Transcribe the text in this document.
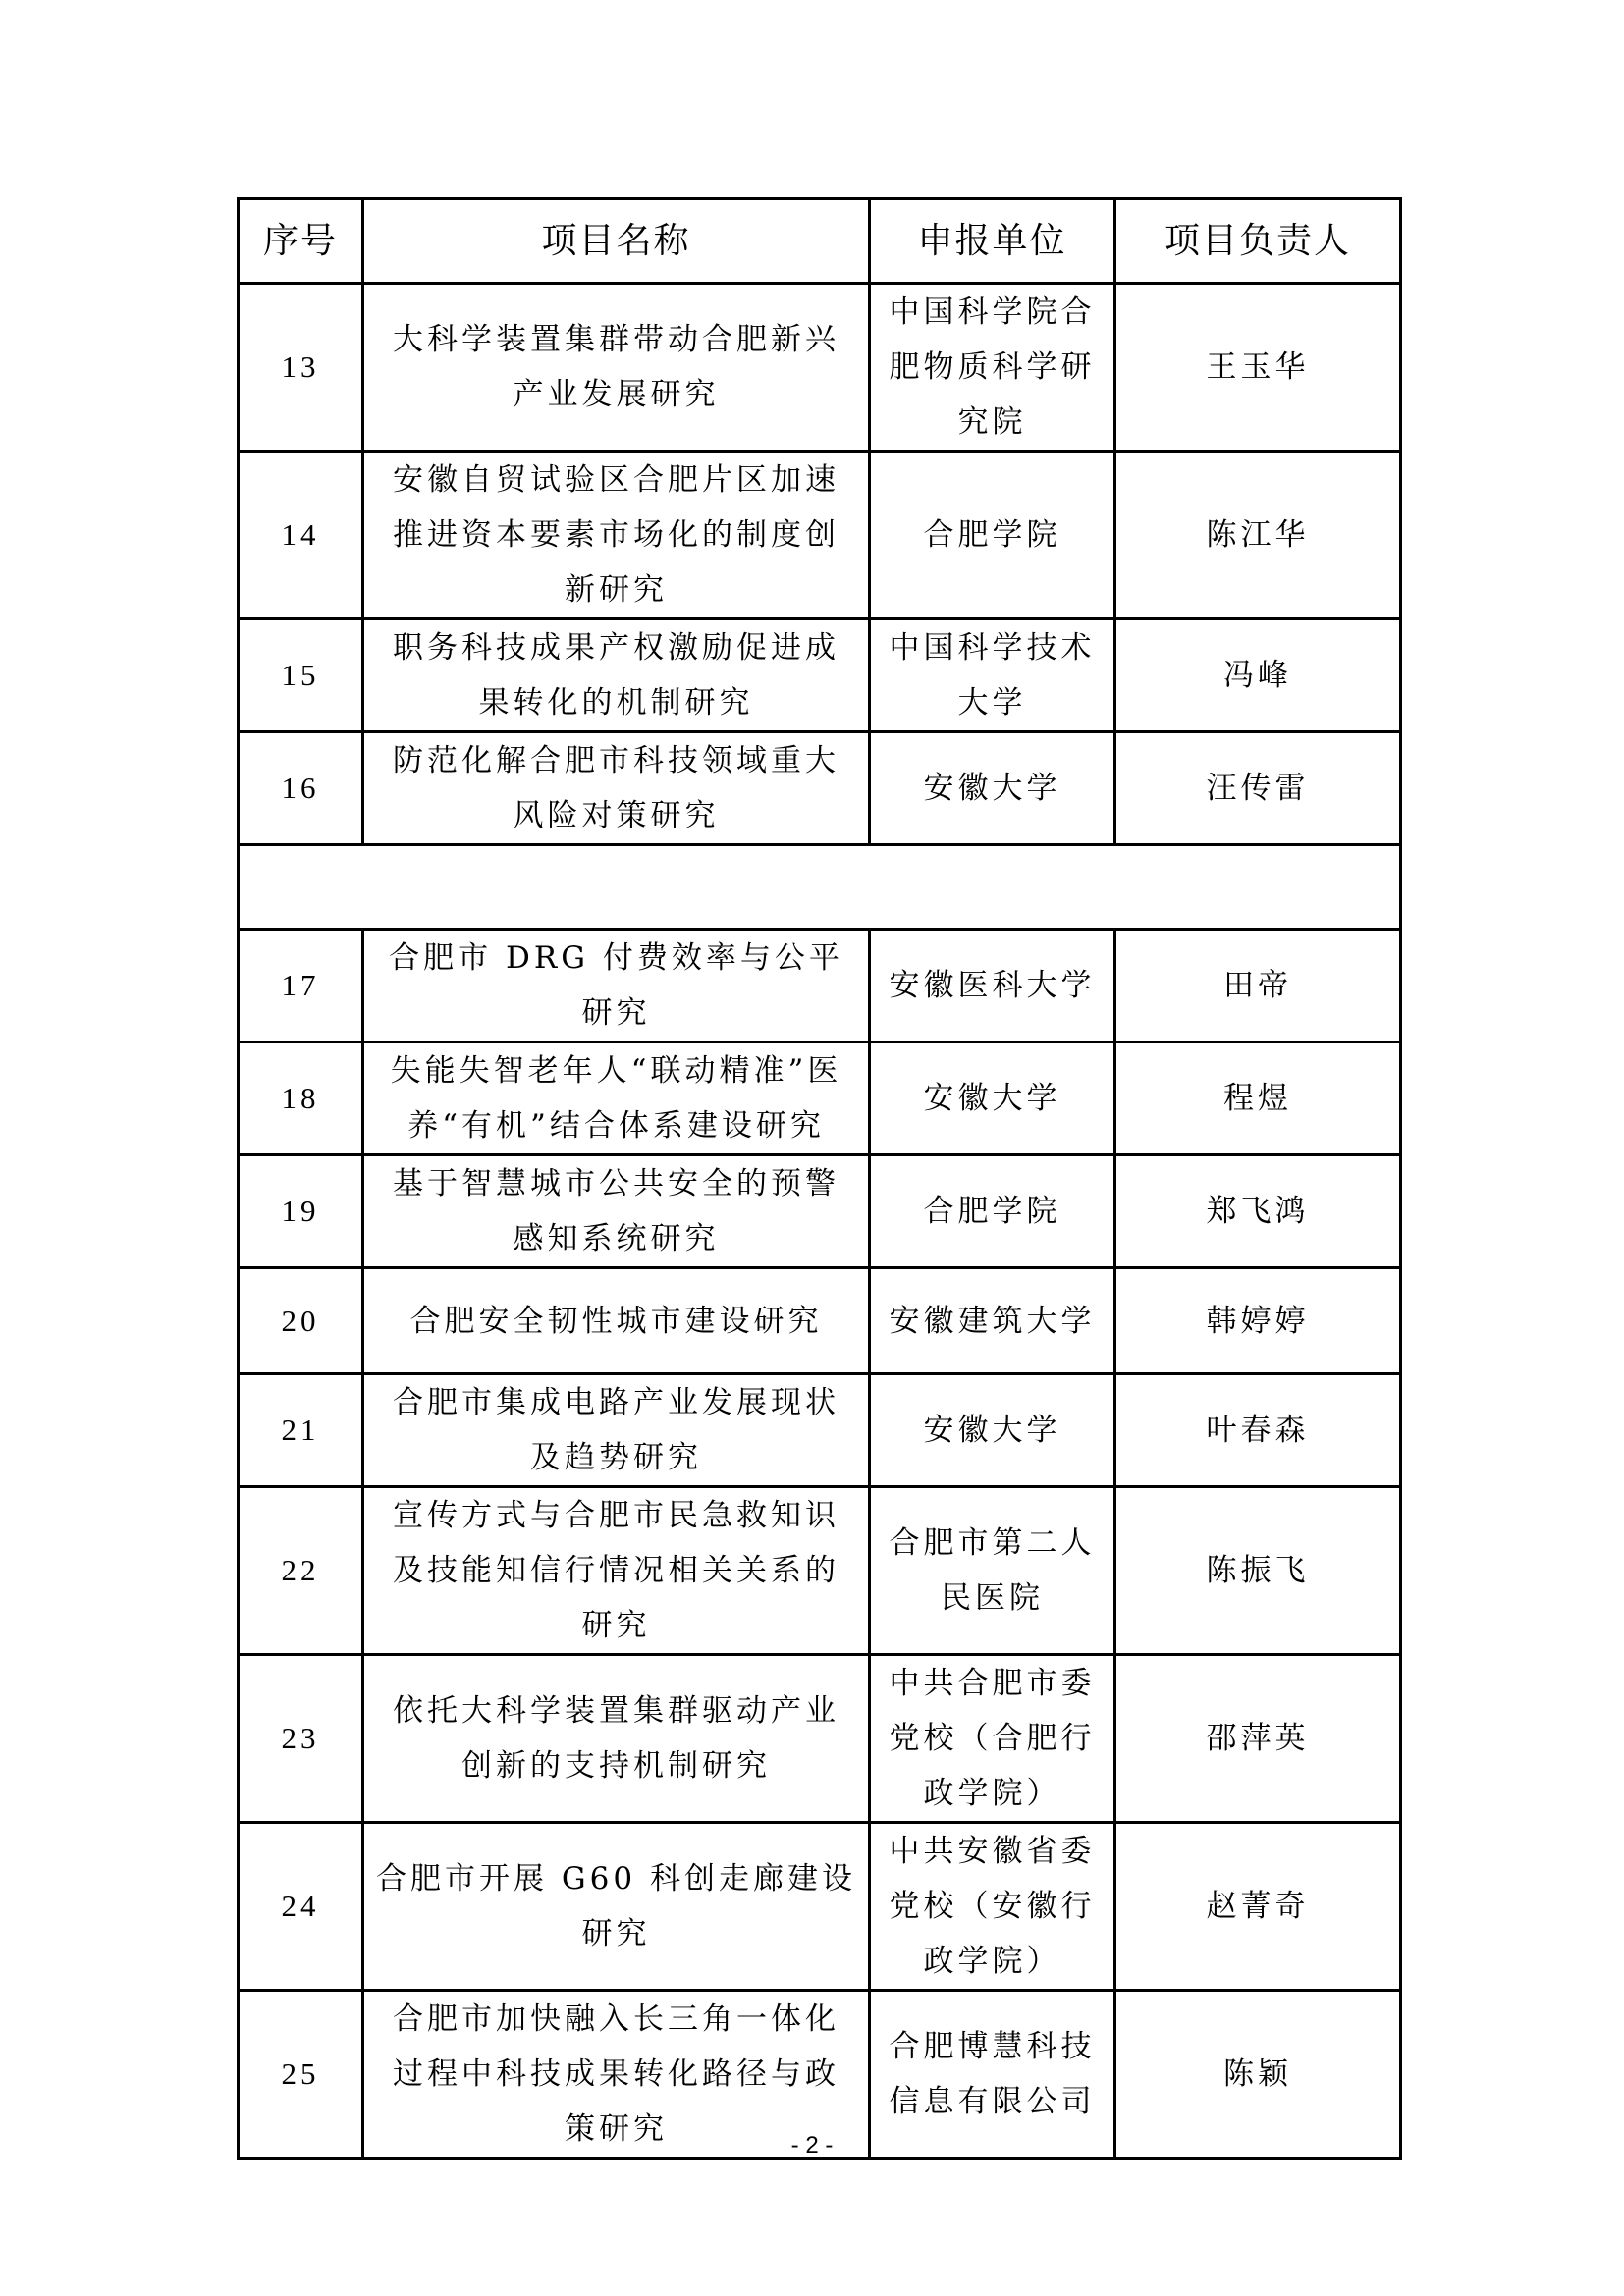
序号	项目名称	申报单位	项目负责人
13	大科学装置集群带动合肥新兴产业发展研究	中国科学院合肥物质科学研究院	王玉华
14	安徽自贸试验区合肥片区加速推进资本要素市场化的制度创新研究	合肥学院	陈江华
15	职务科技成果产权激励促进成果转化的机制研究	中国科学技术大学	冯峰
16	防范化解合肥市科技领域重大风险对策研究	安徽大学	汪传雷

17	合肥市 DRG 付费效率与公平研究	安徽医科大学	田帝
18	失能失智老年人“联动精准”医养“有机”结合体系建设研究	安徽大学	程煜
19	基于智慧城市公共安全的预警感知系统研究	合肥学院	郑飞鸿
20	合肥安全韧性城市建设研究	安徽建筑大学	韩婷婷
21	合肥市集成电路产业发展现状及趋势研究	安徽大学	叶春森
22	宣传方式与合肥市民急救知识及技能知信行情况相关关系的研究	合肥市第二人民医院	陈振飞
23	依托大科学装置集群驱动产业创新的支持机制研究	中共合肥市委党校（合肥行政学院）	邵萍英
24	合肥市开展 G60 科创走廊建设研究	中共安徽省委党校（安徽行政学院）	赵菁奇
25	合肥市加快融入长三角一体化过程中科技成果转化路径与政策研究	合肥博慧科技信息有限公司	陈颖
- 2 -
